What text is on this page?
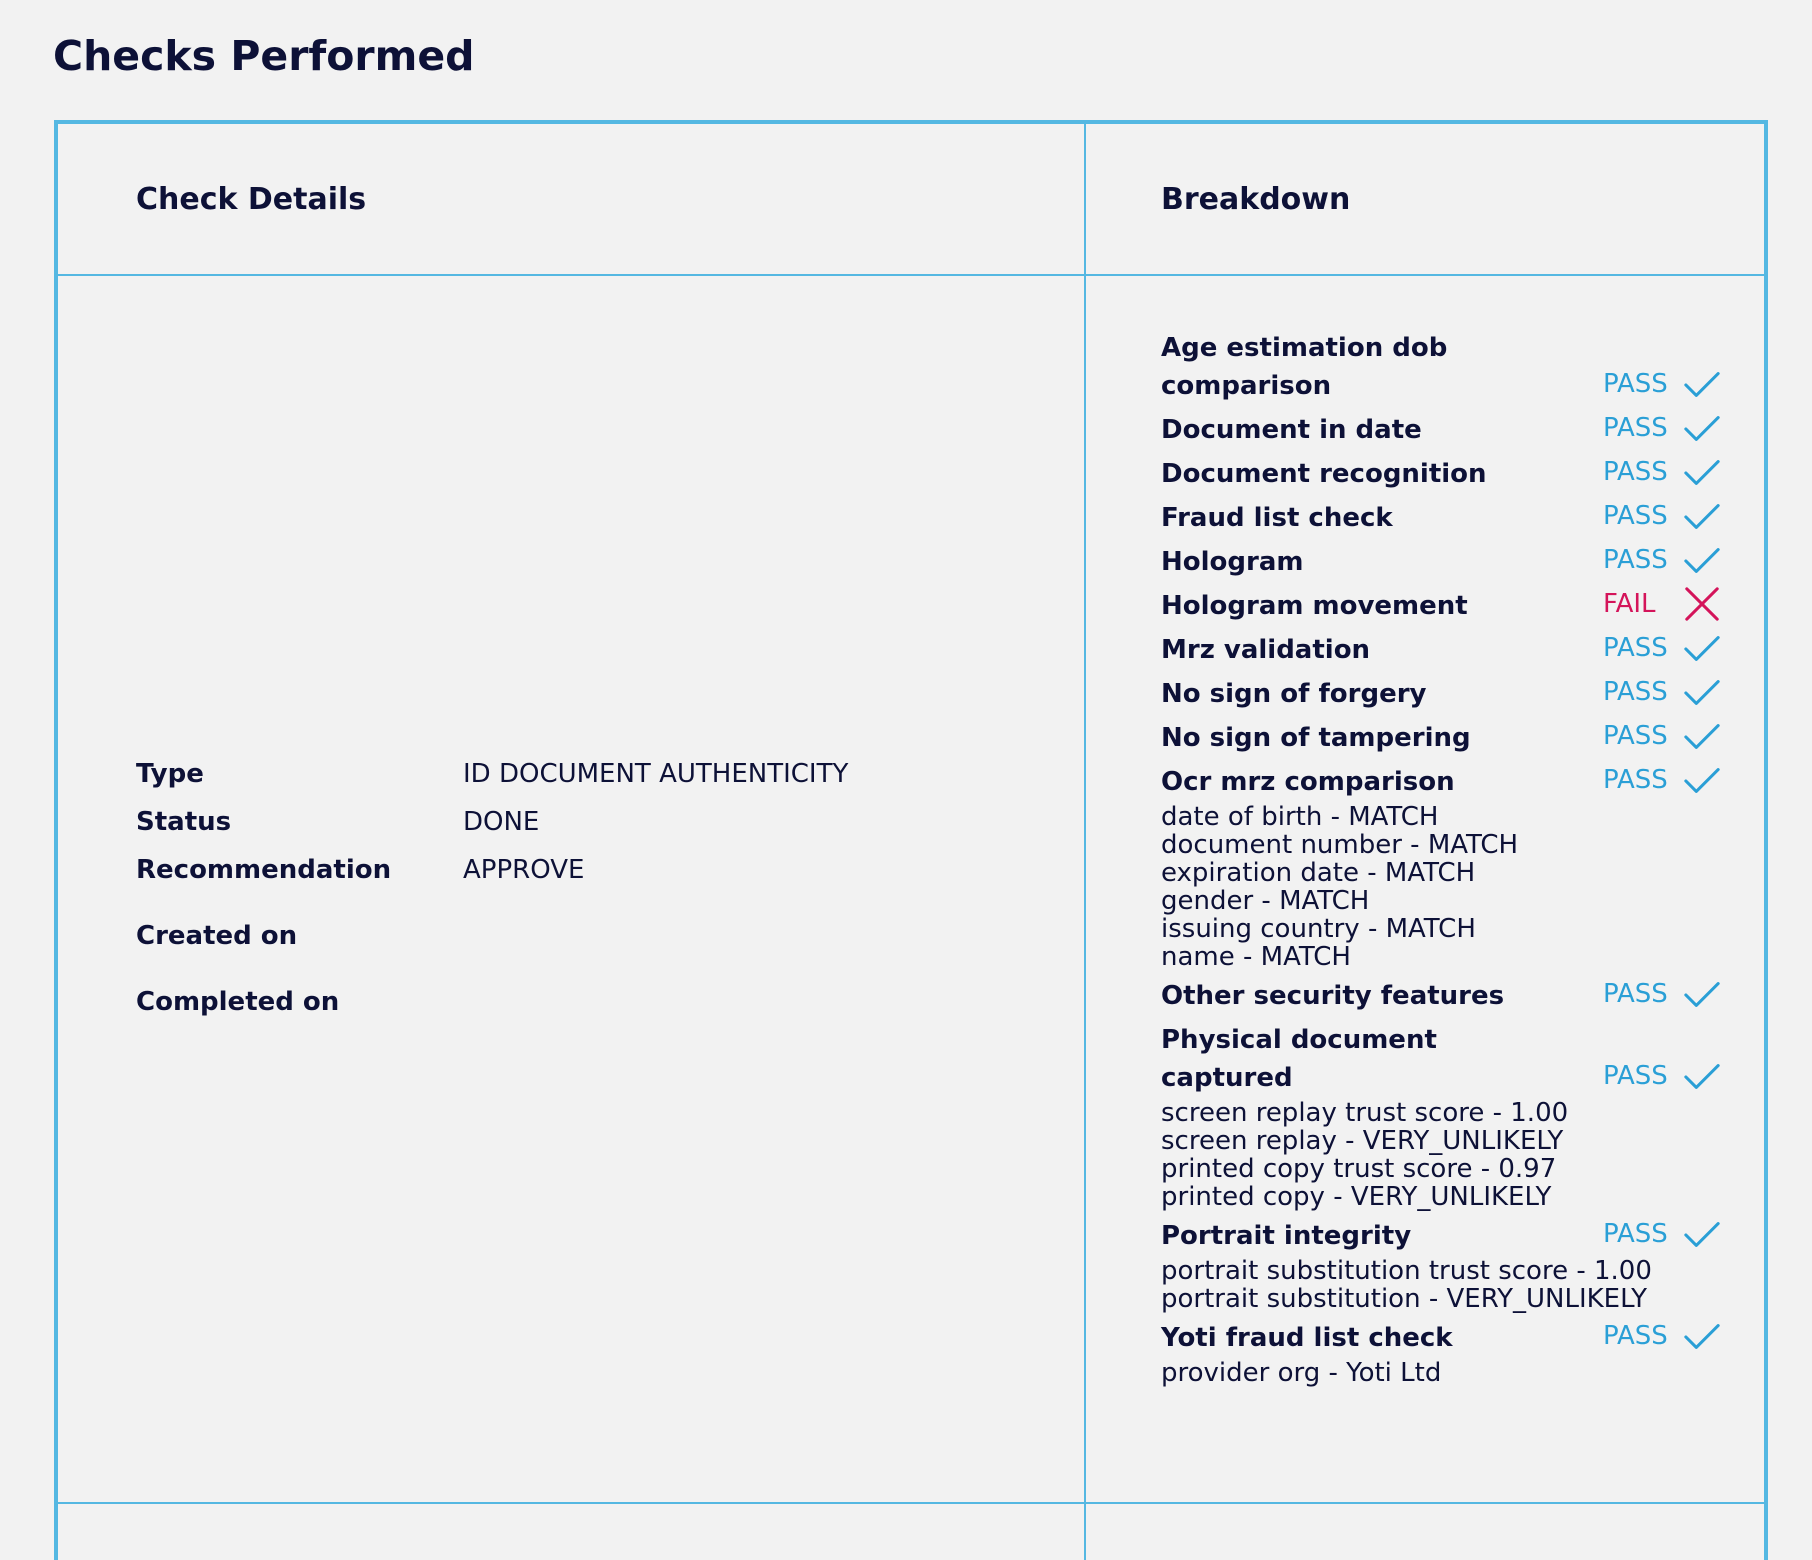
Checks Performed
Check Details	Breakdown
Type	ID DOCUMENT AUTHENTICITY
Status	DONE
Recommendation	APPROVE
Created on
Completed on
Age estimation dob comparison	PASS
Document in date	PASS
Document recognition	PASS
Fraud list check	PASS
Hologram	PASS
Hologram movement	FAIL
Mrz validation	PASS
No sign of forgery	PASS
No sign of tampering	PASS
Ocr mrz comparison	PASS
date of birth - MATCH
document number - MATCH
expiration date - MATCH
gender - MATCH
issuing country - MATCH
name - MATCH
Other security features	PASS
Physical document captured	PASS
screen replay trust score - 1.00
screen replay - VERY_UNLIKELY
printed copy trust score - 0.97
printed copy - VERY_UNLIKELY
Portrait integrity	PASS
portrait substitution trust score - 1.00
portrait substitution - VERY_UNLIKELY
Yoti fraud list check	PASS
provider org - Yoti Ltd
